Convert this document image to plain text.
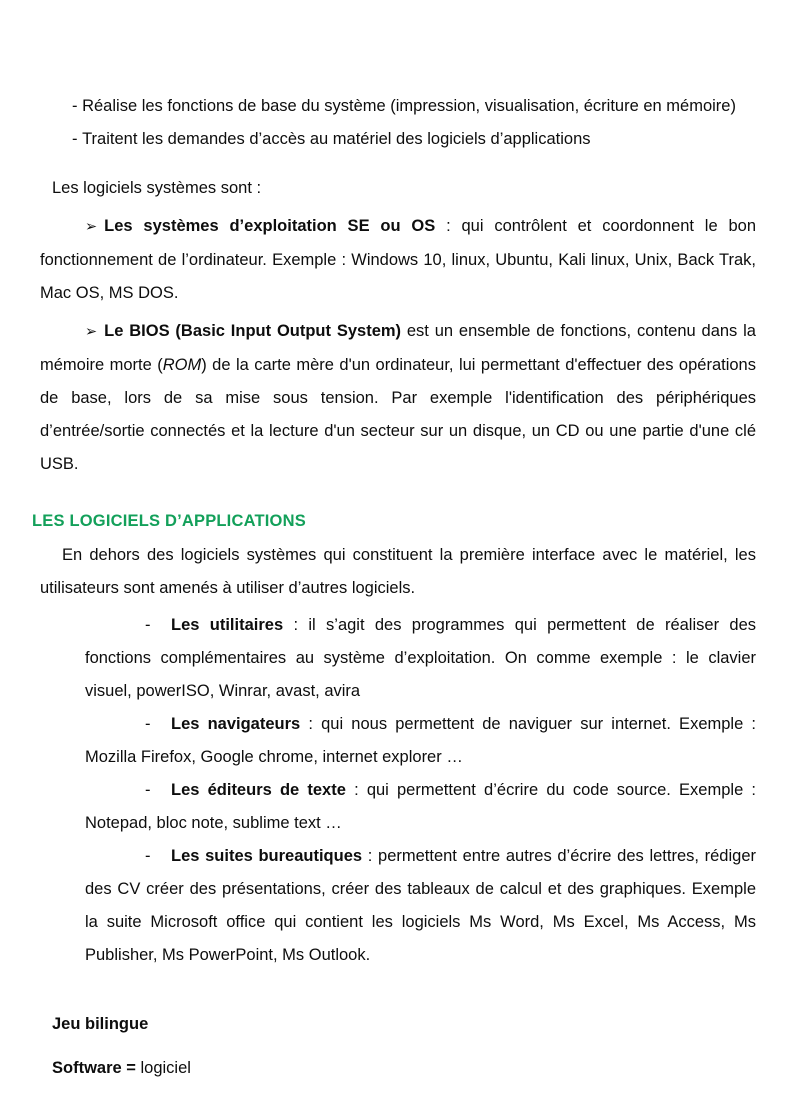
- Réalise les fonctions de base du système (impression, visualisation, écriture en mémoire)

- Traitent les demandes d’accès au matériel des logiciels d’applications

Les logiciels systèmes sont :

➢ Les systèmes d’exploitation SE ou OS : qui contrôlent et coordonnent le bon fonctionnement de l’ordinateur. Exemple : Windows 10, linux, Ubuntu, Kali linux, Unix, Back Trak, Mac OS, MS DOS.

➢ Le BIOS (Basic Input Output System) est un ensemble de fonctions, contenu dans la mémoire morte (ROM) de la carte mère d'un ordinateur, lui permettant d'effectuer des opérations de base, lors de sa mise sous tension. Par exemple l'identification des périphériques d’entrée/sortie connectés et la lecture d'un secteur sur un disque, un CD ou une partie d'une clé USB.

LES LOGICIELS D’APPLICATIONS

En dehors des logiciels systèmes qui constituent la première interface avec le matériel, les utilisateurs sont amenés à utiliser d’autres logiciels.

- Les utilitaires : il s’agit des programmes qui permettent de réaliser des fonctions complémentaires au système d’exploitation. On comme exemple : le clavier visuel, powerISO, Winrar, avast, avira

- Les navigateurs : qui nous permettent de naviguer sur internet. Exemple : Mozilla Firefox, Google chrome, internet explorer …

- Les éditeurs de texte : qui permettent d’écrire du code source. Exemple : Notepad, bloc note, sublime text …

- Les suites bureautiques : permettent entre autres d’écrire des lettres, rédiger des CV créer des présentations, créer des tableaux de calcul et des graphiques. Exemple la suite Microsoft office qui contient les logiciels Ms Word, Ms Excel, Ms Access, Ms Publisher, Ms PowerPoint, Ms Outlook.

Jeu bilingue

Software = logiciel
